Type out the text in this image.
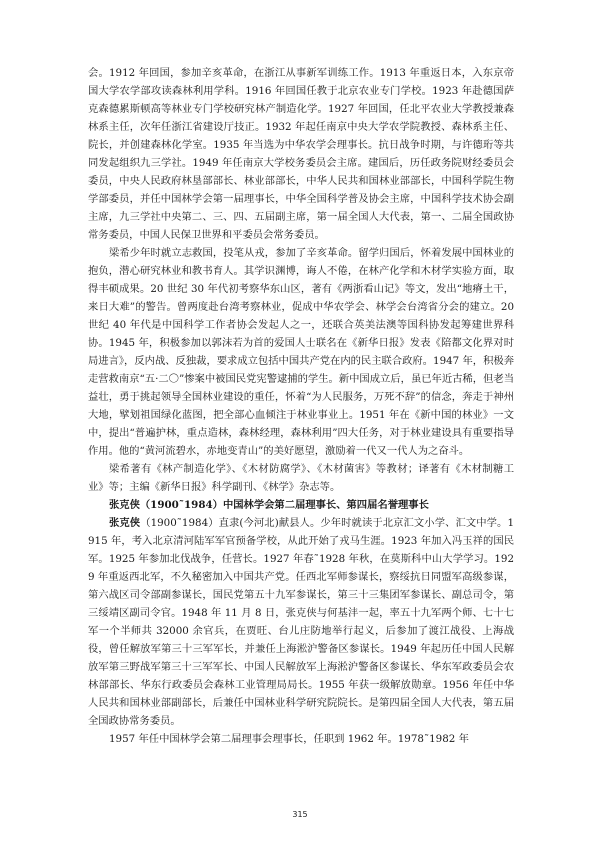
会。1912 年回国，参加辛亥革命，在浙江从事新军训练工作。1913 年重返日本，入东京帝国大学农学部攻读森林利用学科。1916 年回国任教于北京农业专门学校。1923 年赴德国萨克森德累斯顿高等林业专门学校研究林产制造化学。1927 年回国，任北平农业大学教授兼森林系主任，次年任浙江省建设厅技正。1932 年起任南京中央大学农学院教授、森林系主任、院长，并创建森林化学室。1935 年当选为中华农学会理事长。抗日战争时期，与许德珩等共同发起组织九三学社。1949 年任南京大学校务委员会主席。建国后，历任政务院财经委员会委员，中央人民政府林垦部部长、林业部部长，中华人民共和国林业部部长，中国科学院生物学部委员，并任中国林学会第一届理事长，中华全国科学普及协会主席，中国科学技术协会副主席，九三学社中央第二、三、四、五届副主席，第一届全国人大代表，第一、二届全国政协常务委员，中国人民保卫世界和平委员会常务委员。

梁希少年时就立志救国，投笔从戎，参加了辛亥革命。留学归国后，怀着发展中国林业的抱负，潜心研究林业和教书育人。其学识渊博，诲人不倦，在林产化学和木材学实验方面，取得丰硕成果。20 世纪 30 年代初考察华东山区，著有《两浙看山记》等文，发出“地瘠土干，来日大难”的警告。曾两度赴台湾考察林业，促成中华农学会、林学会台湾省分会的建立。20 世纪 40 年代是中国科学工作者协会发起人之一，还联合英美法澳等国科协发起筹建世界科协。1945 年，积极参加以郭沫若为首的爱国人士联名在《新华日报》发表《陪都文化界对时局进言》，反内战、反独裁，要求成立包括中国共产党在内的民主联合政府。1947 年，积极奔走营救南京“五·二〇”惨案中被国民党宪警逮捕的学生。新中国成立后，虽已年近古稀，但老当益壮，勇于挑起领导全国林业建设的重任，怀着“为人民服务，万死不辞”的信念，奔走于神州大地，擘划祖国绿化蓝图，把全部心血倾注于林业事业上。1951 年在《新中国的林业》一文中，提出“普遍护林，重点造林，森林经理，森林利用”四大任务，对于林业建设具有重要指导作用。他的“黄河流碧水，赤地变青山”的美好愿望，激励着一代又一代人为之奋斗。

梁希著有《林产制造化学》、《木材防腐学》、《木材菌害》等教材；译著有《木材制糖工业》等；主编《新华日报》科学副刊、《林学》杂志等。

张克侠（1900˜1984）中国林学会第二届理事长、第四届名誉理事长

张克侠（1900˜1984）直隶(今河北)献县人。少年时就读于北京汇文小学、汇文中学。1915 年，考入北京清河陆军军官预备学校，从此开始了戎马生涯。1923 年加入冯玉祥的国民军。1925 年参加北伐战争，任营长。1927 年春˜1928 年秋，在莫斯科中山大学学习。1929 年重返西北军，不久秘密加入中国共产党。任西北军师参谋长，察绥抗日同盟军高级参谋，第六战区司令部副参谋长，国民党第五十九军参谋长，第三十三集团军参谋长、副总司令，第三绥靖区副司令官。1948 年 11 月 8 日，张克侠与何基沣一起，率五十九军两个师、七十七军一个半师共 32000 余官兵，在贾旺、台儿庄防地举行起义，后参加了渡江战役、上海战役，曾任解放军第三十三军军长，并兼任上海淞沪警备区参谋长。1949 年起历任中国人民解放军第三野战军第三十三军军长、中国人民解放军上海淞沪警备区参谋长、华东军政委员会农林部部长、华东行政委员会森林工业管理局局长。1955 年获一级解放勋章。1956 年任中华人民共和国林业部副部长，后兼任中国林业科学研究院院长。是第四届全国人大代表，第五届全国政协常务委员。

1957 年任中国林学会第二届理事会理事长，任职到 1962 年。1978˜1982 年

315
